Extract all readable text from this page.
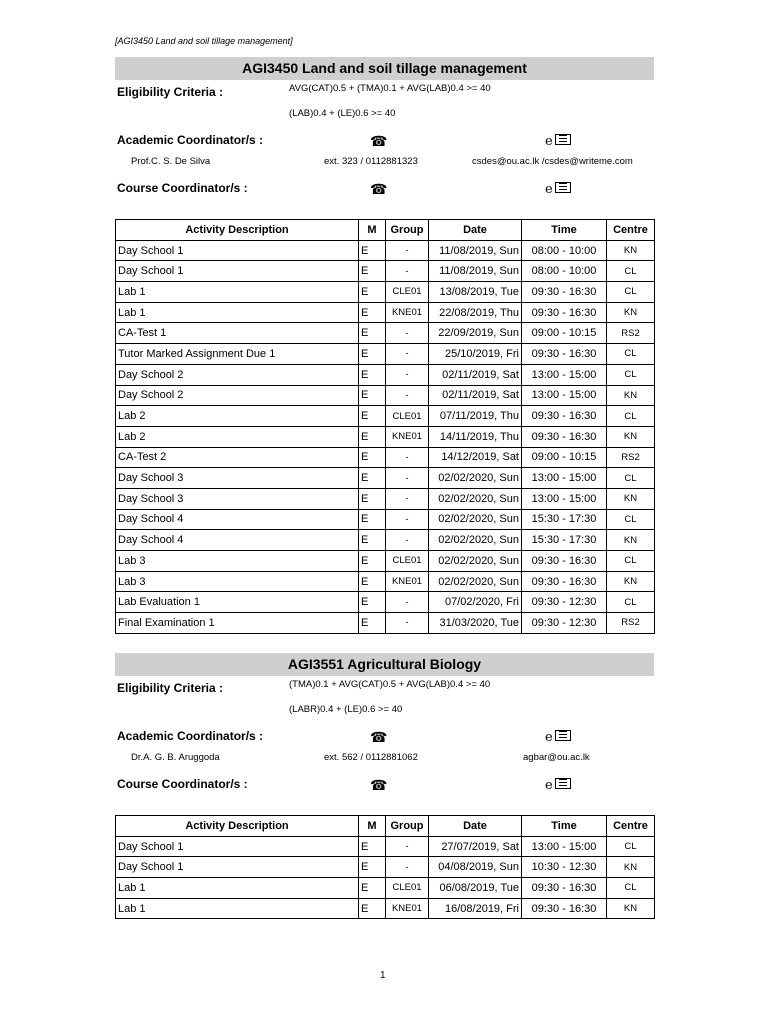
[AGI3450 Land and soil tillage management]
AGI3450 Land and soil tillage management
Eligibility Criteria :	AVG(CAT)0.5 + (TMA)0.1 + AVG(LAB)0.4 >= 40
(LAB)0.4 + (LE)0.6 >= 40
Academic Coordinator/s :	☎	e
Prof.C. S. De Silva	ext. 323 / 0112881323	csdes@ou.ac.lk /csdes@writeme.com
Course Coordinator/s :	☎	e
Activity Description	M	Group	Date	Time	Centre
Day School 1	E	-	11/08/2019, Sun	08:00 - 10:00	KN
Day School 1	E	-	11/08/2019, Sun	08:00 - 10:00	CL
Lab 1	E	CLE01	13/08/2019, Tue	09:30 - 16:30	CL
Lab 1	E	KNE01	22/08/2019, Thu	09:30 - 16:30	KN
CA-Test 1	E	-	22/09/2019, Sun	09:00 - 10:15	RS2
Tutor Marked Assignment Due 1	E	-	25/10/2019, Fri	09:30 - 16:30	CL
Day School 2	E	-	02/11/2019, Sat	13:00 - 15:00	CL
Day School 2	E	-	02/11/2019, Sat	13:00 - 15:00	KN
Lab 2	E	CLE01	07/11/2019, Thu	09:30 - 16:30	CL
Lab 2	E	KNE01	14/11/2019, Thu	09:30 - 16:30	KN
CA-Test 2	E	-	14/12/2019, Sat	09:00 - 10:15	RS2
Day School 3	E	-	02/02/2020, Sun	13:00 - 15:00	CL
Day School 3	E	-	02/02/2020, Sun	13:00 - 15:00	KN
Day School 4	E	-	02/02/2020, Sun	15:30 - 17:30	CL
Day School 4	E	-	02/02/2020, Sun	15:30 - 17:30	KN
Lab 3	E	CLE01	02/02/2020, Sun	09:30 - 16:30	CL
Lab 3	E	KNE01	02/02/2020, Sun	09:30 - 16:30	KN
Lab Evaluation 1	E	-	07/02/2020, Fri	09:30 - 12:30	CL
Final Examination 1	E	-	31/03/2020, Tue	09:30 - 12:30	RS2
AGI3551 Agricultural Biology
Eligibility Criteria :	(TMA)0.1 + AVG(CAT)0.5 + AVG(LAB)0.4 >= 40
(LABR)0.4 + (LE)0.6 >= 40
Academic Coordinator/s :	☎	e
Dr.A. G. B. Aruggoda	ext. 562 / 0112881062	agbar@ou.ac.lk
Course Coordinator/s :	☎	e
Activity Description	M	Group	Date	Time	Centre
Day School 1	E	-	27/07/2019, Sat	13:00 - 15:00	CL
Day School 1	E	-	04/08/2019, Sun	10:30 - 12:30	KN
Lab 1	E	CLE01	06/08/2019, Tue	09:30 - 16:30	CL
Lab 1	E	KNE01	16/08/2019, Fri	09:30 - 16:30	KN
1
